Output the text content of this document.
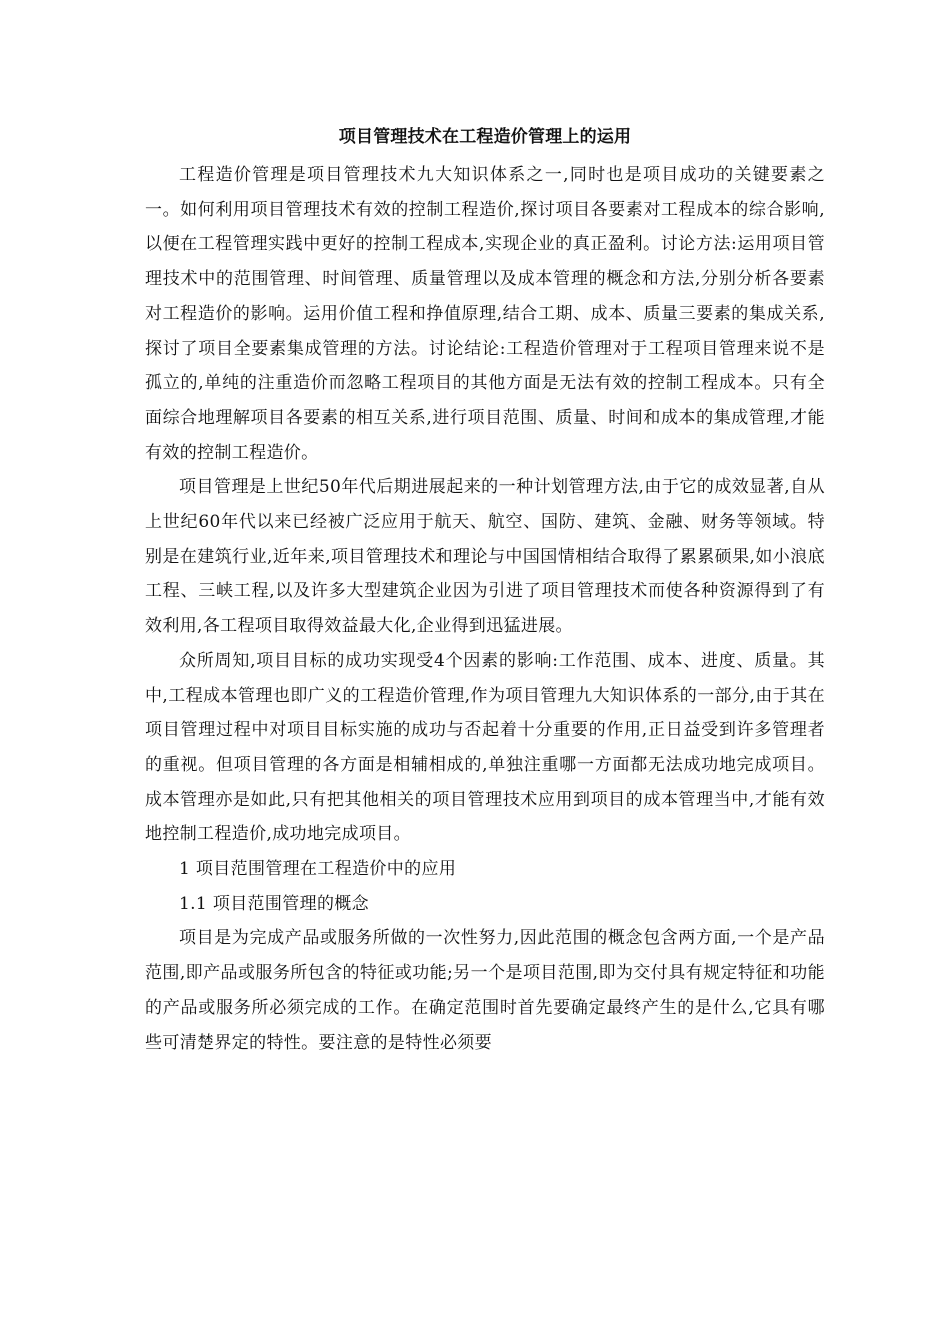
项目管理技术在工程造价管理上的运用

工程造价管理是项目管理技术九大知识体系之一,同时也是项目成功的关键要素之一。如何利用项目管理技术有效的控制工程造价,探讨项目各要素对工程成本的综合影响,以便在工程管理实践中更好的控制工程成本,实现企业的真正盈利。讨论方法:运用项目管理技术中的范围管理、时间管理、质量管理以及成本管理的概念和方法,分别分析各要素对工程造价的影响。运用价值工程和挣值原理,结合工期、成本、质量三要素的集成关系,探讨了项目全要素集成管理的方法。讨论结论:工程造价管理对于工程项目管理来说不是孤立的,单纯的注重造价而忽略工程项目的其他方面是无法有效的控制工程成本。只有全面综合地理解项目各要素的相互关系,进行项目范围、质量、时间和成本的集成管理,才能有效的控制工程造价。

项目管理是上世纪50年代后期进展起来的一种计划管理方法,由于它的成效显著,自从上世纪60年代以来已经被广泛应用于航天、航空、国防、建筑、金融、财务等领域。特别是在建筑行业,近年来,项目管理技术和理论与中国国情相结合取得了累累硕果,如小浪底工程、三峡工程,以及许多大型建筑企业因为引进了项目管理技术而使各种资源得到了有效利用,各工程项目取得效益最大化,企业得到迅猛进展。

众所周知,项目目标的成功实现受4个因素的影响:工作范围、成本、进度、质量。其中,工程成本管理也即广义的工程造价管理,作为项目管理九大知识体系的一部分,由于其在项目管理过程中对项目目标实施的成功与否起着十分重要的作用,正日益受到许多管理者的重视。但项目管理的各方面是相辅相成的,单独注重哪一方面都无法成功地完成项目。成本管理亦是如此,只有把其他相关的项目管理技术应用到项目的成本管理当中,才能有效地控制工程造价,成功地完成项目。

1 项目范围管理在工程造价中的应用

1.1 项目范围管理的概念

项目是为完成产品或服务所做的一次性努力,因此范围的概念包含两方面,一个是产品范围,即产品或服务所包含的特征或功能;另一个是项目范围,即为交付具有规定特征和功能的产品或服务所必须完成的工作。在确定范围时首先要确定最终产生的是什么,它具有哪些可清楚界定的特性。要注意的是特性必须要
